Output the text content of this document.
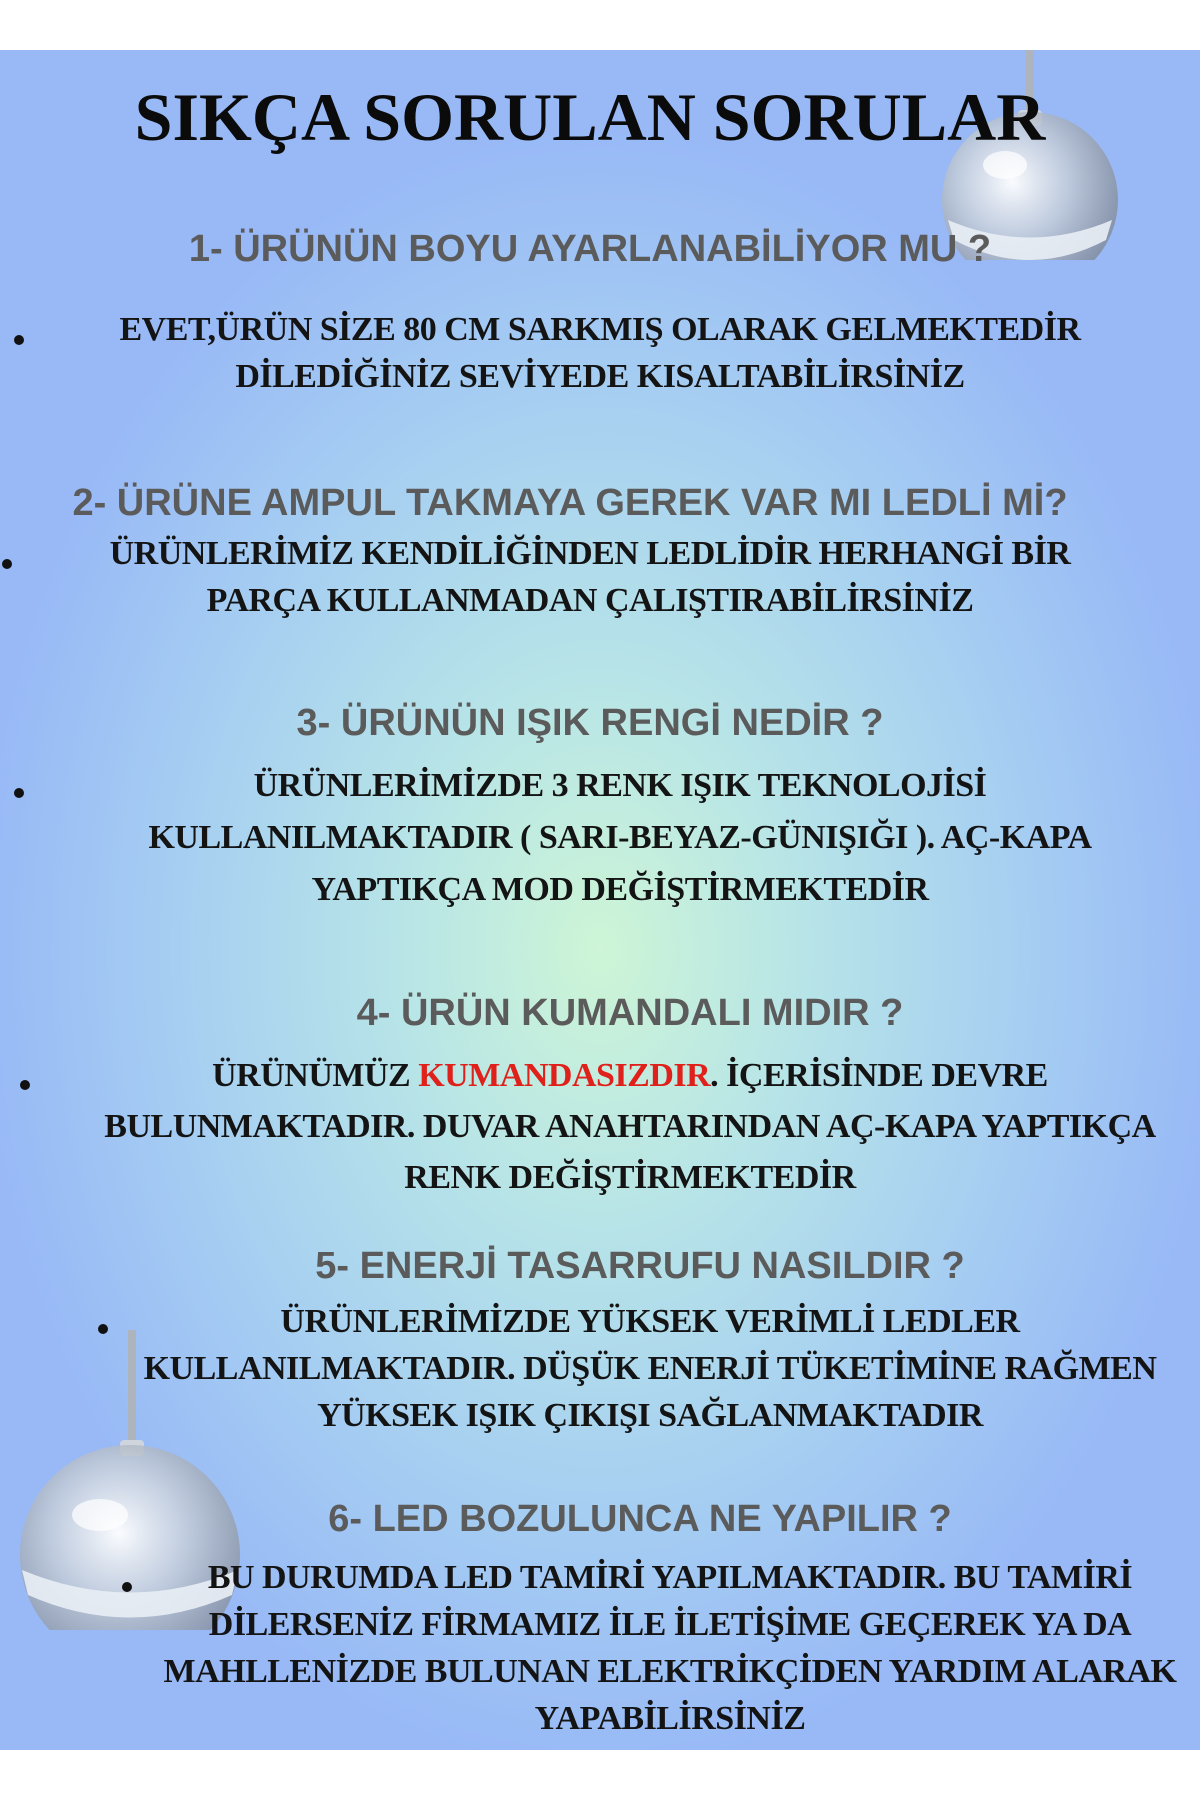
SIKÇA SORULAN SORULAR

1- ÜRÜNÜN BOYU AYARLANABİLİYOR MU ?

EVET,ÜRÜN SİZE 80 CM SARKMIŞ OLARAK GELMEKTEDİR
DİLEDİĞİNİZ SEVİYEDE KISALTABİLİRSİNİZ

2- ÜRÜNE AMPUL TAKMAYA GEREK VAR MI LEDLİ Mİ?

ÜRÜNLERİMİZ KENDİLİĞİNDEN LEDLİDİR HERHANGİ BİR
PARÇA KULLANMADAN ÇALIŞTIRABİLİRSİNİZ

3- ÜRÜNÜN IŞIK RENGİ NEDİR ?

ÜRÜNLERİMİZDE 3 RENK IŞIK TEKNOLOJİSİ
KULLANILMAKTADIR ( SARI-BEYAZ-GÜNIŞIĞI ). AÇ-KAPA
YAPTIKÇA MOD DEĞİŞTİRMEKTEDİR

4- ÜRÜN KUMANDALI MIDIR ?

ÜRÜNÜMÜZ KUMANDASIZDIR. İÇERİSİNDE DEVRE
BULUNMAKTADIR. DUVAR ANAHTARINDAN AÇ-KAPA YAPTIKÇA
RENK DEĞİŞTİRMEKTEDİR

5- ENERJİ TASARRUFU NASILDIR ?

ÜRÜNLERİMİZDE YÜKSEK VERİMLİ LEDLER
KULLANILMAKTADIR. DÜŞÜK ENERJİ TÜKETİMİNE RAĞMEN
YÜKSEK IŞIK ÇIKIŞI SAĞLANMAKTADIR

6- LED BOZULUNCA NE YAPILIR ?

BU DURUMDA LED TAMİRİ YAPILMAKTADIR. BU TAMİRİ
DİLERSENİZ FİRMAMIZ İLE İLETİŞİME GEÇEREK YA DA
MAHLLENİZDE BULUNAN ELEKTRİKÇİDEN YARDIM ALARAK
YAPABİLİRSİNİZ
